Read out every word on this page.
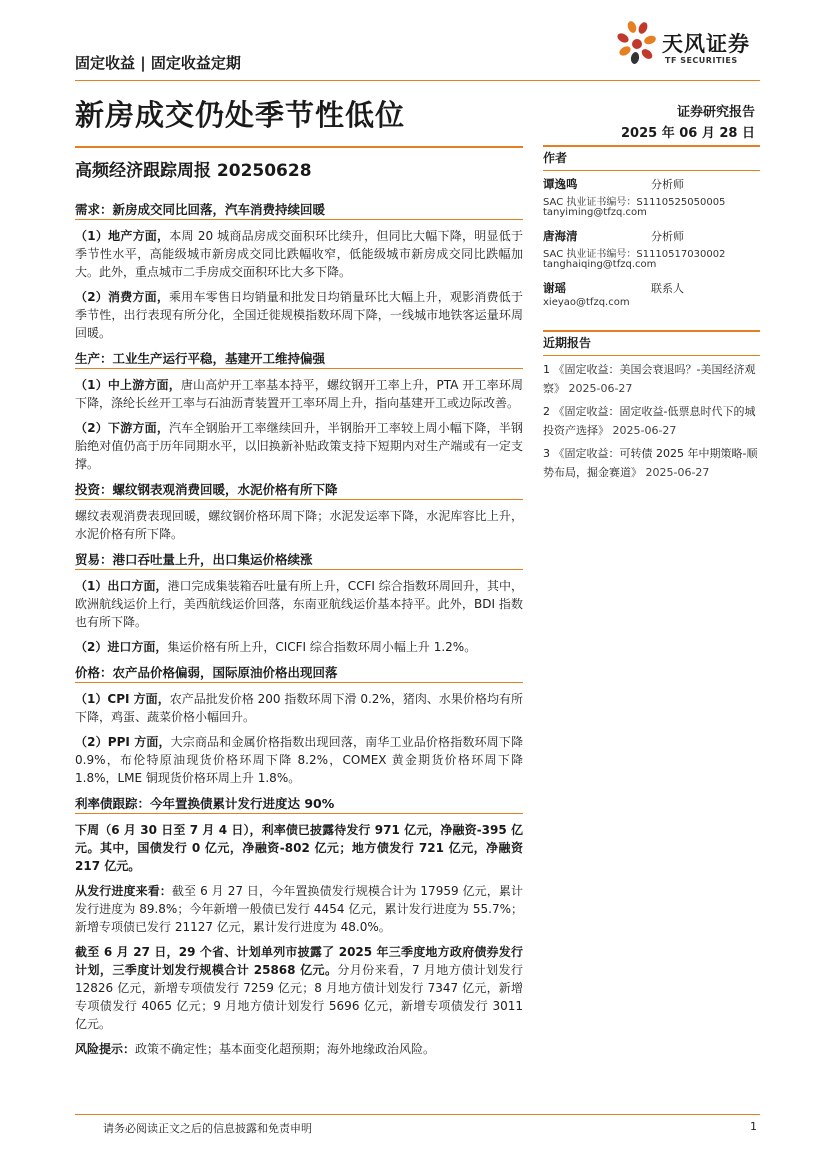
固定收益 | 固定收益定期
天风证券
TF SECURITIES
新房成交仍处季节性低位	证券研究报告
2025 年 06 月 28 日
高频经济跟踪周报 20250628
需求：新房成交同比回落，汽车消费持续回暖

（1）地产方面，本周 20 城商品房成交面积环比续升，但同比大幅下降，明显低于季节性水平，高能级城市新房成交同比跌幅收窄，低能级城市新房成交同比跌幅加大。此外，重点城市二手房成交面积环比大多下降。

（2）消费方面，乘用车零售日均销量和批发日均销量环比大幅上升，观影消费低于季节性，出行表现有所分化，全国迁徙规模指数环周下降，一线城市地铁客运量环周回暖。

生产：工业生产运行平稳，基建开工维持偏强

（1）中上游方面，唐山高炉开工率基本持平，螺纹钢开工率上升，PTA 开工率环周下降，涤纶长丝开工率与石油沥青装置开工率环周上升，指向基建开工或边际改善。

（2）下游方面，汽车全钢胎开工率继续回升，半钢胎开工率较上周小幅下降，半钢胎绝对值仍高于历年同期水平，以旧换新补贴政策支持下短期内对生产端或有一定支撑。

投资：螺纹钢表观消费回暖，水泥价格有所下降

螺纹表观消费表现回暖，螺纹钢价格环周下降；水泥发运率下降，水泥库容比上升，水泥价格有所下降。

贸易：港口吞吐量上升，出口集运价格续涨

（1）出口方面，港口完成集装箱吞吐量有所上升，CCFI 综合指数环周回升，其中，欧洲航线运价上行，美西航线运价回落，东南亚航线运价基本持平。此外，BDI 指数也有所下降。

（2）进口方面，集运价格有所上升，CICFI 综合指数环周小幅上升 1.2%。

价格：农产品价格偏弱，国际原油价格出现回落

（1）CPI 方面，农产品批发价格 200 指数环周下滑 0.2%，猪肉、水果价格均有所下降，鸡蛋、蔬菜价格小幅回升。

（2）PPI 方面，大宗商品和金属价格指数出现回落，南华工业品价格指数环周下降 0.9%，布伦特原油现货价格环周下降 8.2%，COMEX 黄金期货价格环周下降 1.8%，LME 铜现货价格环周上升 1.8%。

利率债跟踪：今年置换债累计发行进度达 90%

下周（6 月 30 日至 7 月 4 日），利率债已披露待发行 971 亿元，净融资-395 亿元。其中，国债发行 0 亿元，净融资-802 亿元；地方债发行 721 亿元，净融资 217 亿元。

从发行进度来看：截至 6 月 27 日，今年置换债发行规模合计为 17959 亿元，累计发行进度为 89.8%；今年新增一般债已发行 4454 亿元，累计发行进度为 55.7%；新增专项债已发行 21127 亿元，累计发行进度为 48.0%。

截至 6 月 27 日，29 个省、计划单列市披露了 2025 年三季度地方政府债券发行计划，三季度计划发行规模合计 25868 亿元。分月份来看，7 月地方债计划发行 12826 亿元，新增专项债发行 7259 亿元；8 月地方债计划发行 7347 亿元，新增专项债发行 4065 亿元；9 月地方债计划发行 5696 亿元，新增专项债发行 3011 亿元。

风险提示：政策不确定性；基本面变化超预期；海外地缘政治风险。

作者
谭逸鸣	分析师
SAC 执业证书编号：S1110525050005
tanyiming@tfzq.com
唐海清	分析师
SAC 执业证书编号：S1110517030002
tanghaiqing@tfzq.com
谢瑶	联系人
xieyao@tfzq.com
近期报告
1 《固定收益：美国会衰退吗？-美国经济观察》 2025-06-27
2 《固定收益：固定收益-低票息时代下的城投资产选择》 2025-06-27
3 《固定收益：可转债 2025 年中期策略-顺势布局，掘金赛道》 2025-06-27
请务必阅读正文之后的信息披露和免责申明	1
